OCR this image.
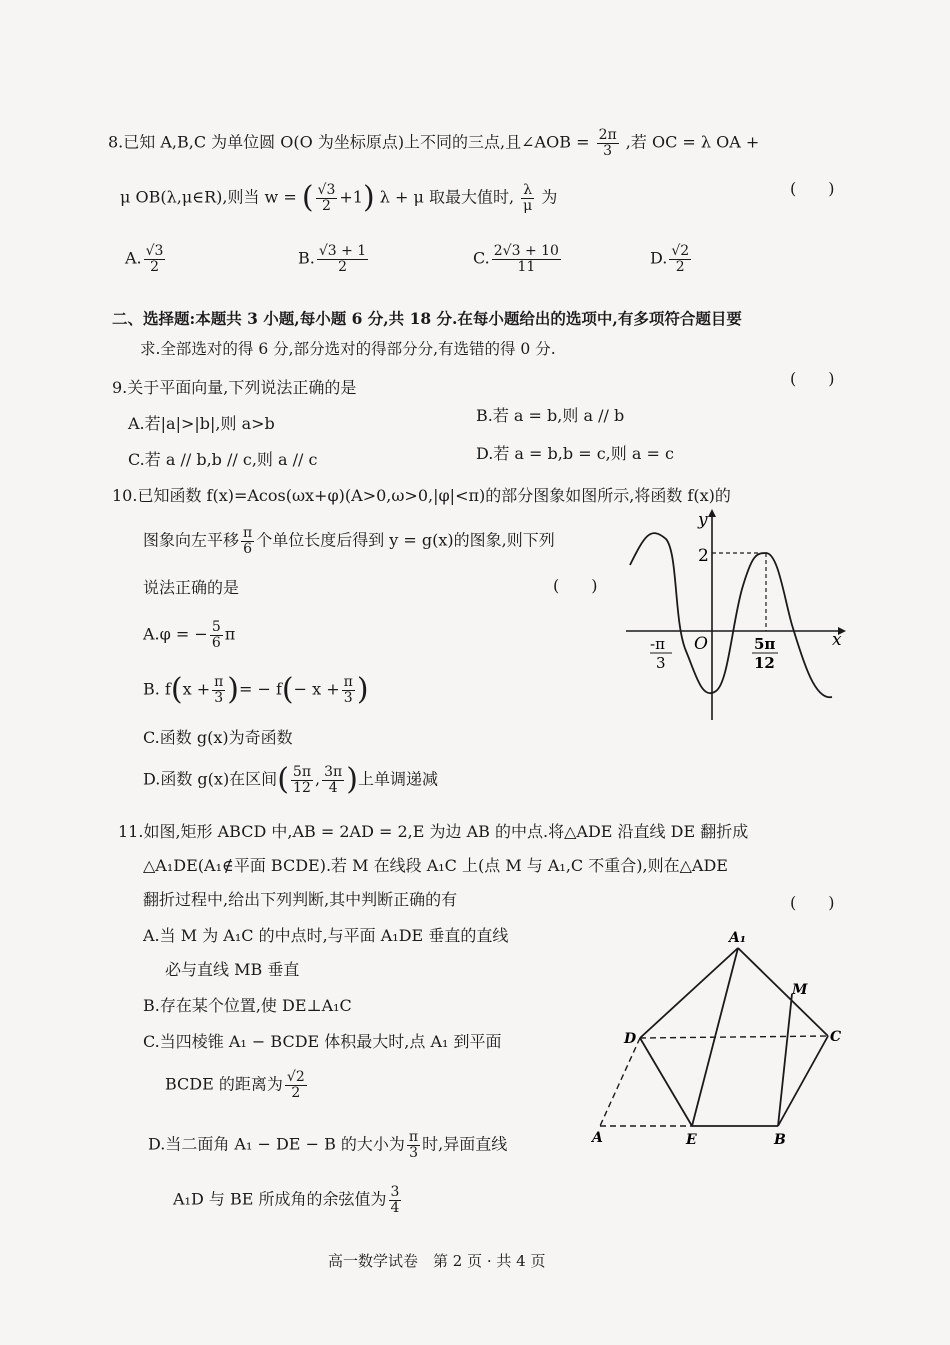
8.已知 A,B,C 为单位圆 O(O 为坐标原点)上不同的三点,且∠AOB = $\frac{2\pi}{3}$ ,若 OC = λ OA +
μ OB(λ,μ∈R),则当 w = ( $\frac{√3}{2} +1$) λ + μ 取最大值时, $\frac{\lambda}{\mu}$ 为	(　　)
A. $\frac{√3}{2}$	B. $\frac{√3 + 1}{2}$	C. $\frac{2√3 + 10}{11}$	D. $\frac{√2}{2}$
二、选择题:本题共 3 小题,每小题 6 分,共 18 分.在每小题给出的选项中,有多项符合题目要
求.全部选对的得 6 分,部分选对的得部分分,有选错的得 0 分.
9.关于平面向量,下列说法正确的是	(　　)
A.若|a|>|b|,则 a>b	B.若 a = b,则 a // b
C.若 a // b,b // c,则 a // c	D.若 a = b,b = c,则 a = c
10.已知函数 f(x)=Acos(ωx+φ)(A>0,ω>0,|φ|<π)的部分图象如图所示,将函数 f(x)的
图象向左平移 $\frac{\pi}{6}$ 个单位长度后得到 y = g(x)的图象,则下列
说法正确的是	(　　)
A.φ = − $\frac{5}{6}$ π
B. $f(x + \frac{\pi}{3}$ )= − $f(- x + \frac{\pi}{3}$ )
C.函数 g(x)为奇函数
D.函数 g(x)在区间( $\frac{5\pi}{12}$ , $\frac{3\pi}{4}$ )上单调递减
y
x
O
2
-π
3
5π
12
11.如图,矩形 ABCD 中,AB = 2AD = 2,E 为边 AB 的中点.将△ADE 沿直线 DE 翻折成
△A₁DE(A₁∉平面 BCDE).若 M 在线段 A₁C 上(点 M 与 A₁,C 不重合),则在△ADE
翻折过程中,给出下列判断,其中判断正确的有	(　　)
A.当 M 为 A₁C 的中点时,与平面 A₁DE 垂直的直线
必与直线 MB 垂直
B.存在某个位置,使 DE⊥A₁C
C.当四棱锥 A₁ − BCDE 体积最大时,点 A₁ 到平面
BCDE 的距离为 $\frac{√2}{2}$
D.当二面角 A₁ − DE − B 的大小为 $\frac{\pi}{3}$ 时,异面直线
A₁D 与 BE 所成角的余弦值为 $\frac{3}{4}$
A₁
M
D	C
A	E	B
高一数学试卷　第 2 页 · 共 4 页
